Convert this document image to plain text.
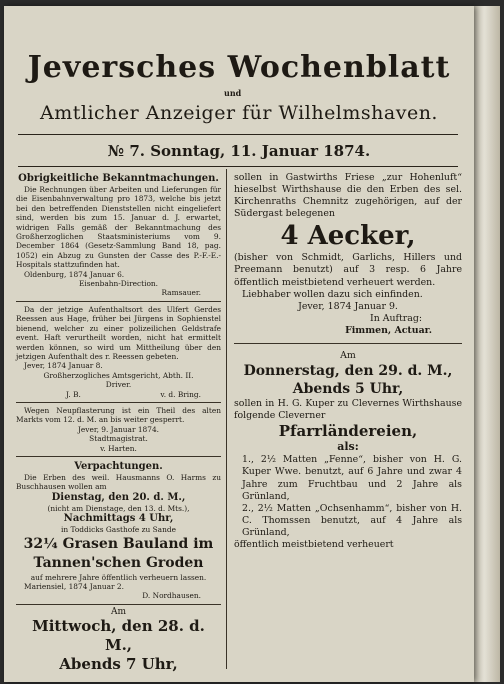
Jeversches Wochenblatt
und
Amtlicher Anzeiger für Wilhelmshaven.
№ 7. Sonntag, 11. Januar 1874.
Obrigkeitliche Bekanntmachungen.

Die Rechnungen über Arbeiten und Lieferungen für die Eisenbahnverwaltung pro 1873, welche bis jetzt bei den betreffenden Dienststellen nicht eingeliefert sind, werden bis zum 15. Januar d. J. erwartet, widrigen Falls gemäß der Bekanntmachung des Großherzoglichen Staatsministeriums vom 9. December 1864 (Gesetz-Sammlung Band 18, pag. 1052) ein Abzug zu Gunsten der Casse des P.-F.-E.-Hospitals stattzufinden hat.

Oldenburg, 1874 Januar 6.
Eisenbahn-Direction.
Ramsauer.

Da der jetzige Aufenthaltsort des Ulfert Gerdes Reessen aus Hage, früher bei Jürgens in Sophienstel bienend, welcher zu einer polizeilichen Geldstrafe event. Haft verurtheilt worden, nicht hat ermittelt werden können, so wird um Mittheilung über den jetzigen Aufenthalt des r. Reessen gebeten.

Jever, 1874 Januar 8.
Großherzogliches Amtsgericht, Abth. II.
Driver.
J. B.	v. d. Bring.

Wegen Neupflasterung ist ein Theil des alten Markts vom 12. d. M. an bis weiter gesperrt.

Jever, 9. Januar 1874.
Stadtmagistrat.
v. Harten.
Verpachtungen.

Die Erben des weil. Hausmanns O. Harms zu Buschhausen wollen am

Dienstag, den 20. d. M.,
(nicht am Dienstage, den 13. d. Mts.),
Nachmittags 4 Uhr,
in Toddicks Gasthofe zu Sande
32¼ Grasen Bauland im
Tannen'schen Groden
auf mehrere Jahre öffentlich verheuern lassen.
Mariensiel, 1874 Januar 2.
D. Nordhausen.
Am
Mittwoch, den 28. d. M.,
Abends 7 Uhr,

sollen in Gastwirths Friese „zur Hohenluft“ hieselbst Wirthshause die den Erben des sel. Kirchenraths Chemnitz zugehörigen, auf der Südergast belegenen

4 Aecker,

(bisher von Schmidt, Garlichs, Hillers und Preemann benutzt) auf 3 resp. 6 Jahre öffentlich meistbietend verheuert werden.

Liebhaber wollen dazu sich einfinden.

Jever, 1874 Januar 9.
In Auftrag:
Fimmen, Actuar.
Am
Donnerstag, den 29. d. M.,
Abends 5 Uhr,

sollen in H. G. Kuper zu Clevernes Wirthshause folgende Cleverner

Pfarrländereien,
als:

1., 2½ Matten „Fenne“, bisher von H. G. Kuper Wwe. benutzt, auf 6 Jahre und zwar 4 Jahre zum Fruchtbau und 2 Jahre als Grünland,

2., 2½ Matten „Ochsenhamm“, bisher von H. C. Thomssen benutzt, auf 4 Jahre als Grünland,

öffentlich meistbietend verheuert
